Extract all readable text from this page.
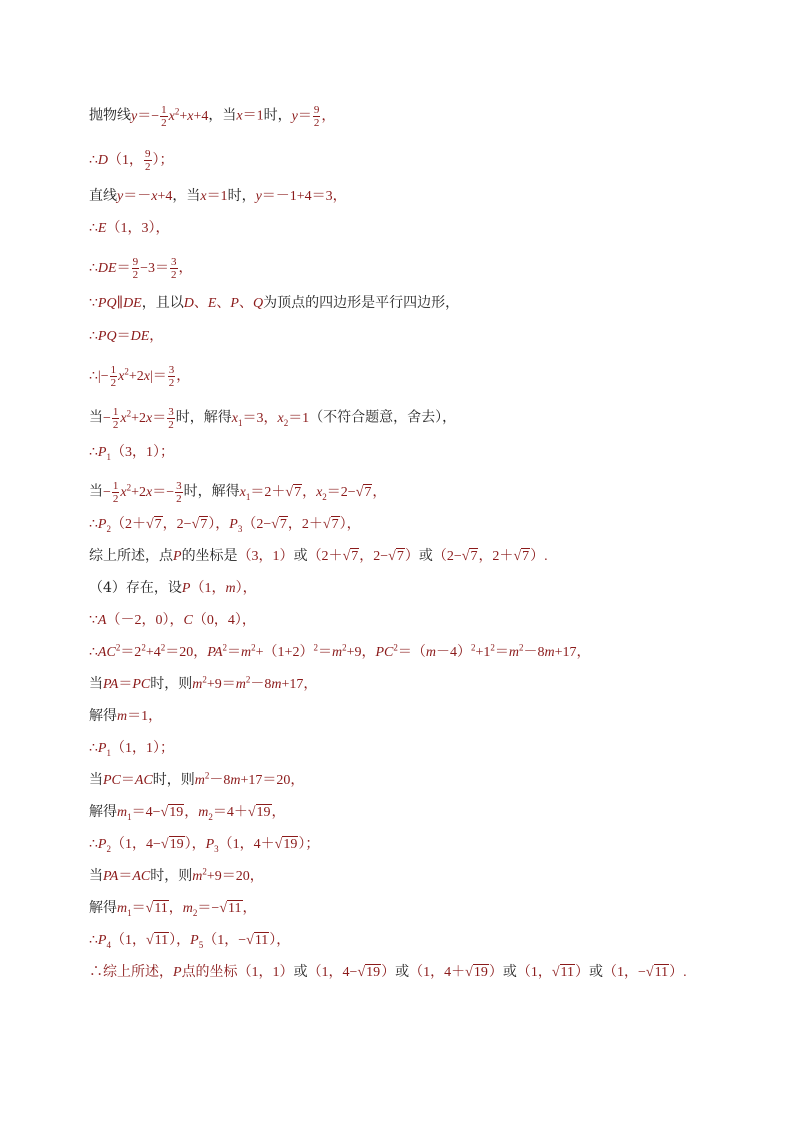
抛物线$y=- \frac{1}{2} x^2+x+4$，当x＝1时，$y= \frac{9}{2}$ ，
∴D（1， $\frac{9}{2}$ ）；
直线y＝－x+4，当x＝1时，y＝－1+4＝3，
∴E（1，3），
∴DE＝ $\frac{9}{2} -3= \frac{3}{2}$ ，
∵PQ∥DE，且以D、E、P、Q为顶点的四边形是平行四边形，
∴PQ＝DE，
∴|− $\frac{1}{2} x^2+2x|= \frac{3}{2}$ ，
当− $\frac{1}{2} x^2+2x= \frac{3}{2}$ 时，解得$x_1=3$，$x_2=1$（不符合题意，舍去），
$\therefore P_1(3$，1）；
当− $\frac{1}{2} x^2+2x=- \frac{3}{2}$ 时，解得$x_1=2+√7$，$x_2=2-√7$，
$\therefore P_2(2+√7$，2−√7），$P_3(2-√7$，2＋√7），
综上所述，点P的坐标是（3，1）或（2＋√7，2−√7）或（2−√7，2＋√7）.
（4）存在，设P（1，m），
∵A（－2，0），C（0，4），
$\therefore AC^2=2^2+4^2=20$，$PA^2=m^2+(1+2)^2=m^2+9$，$PC^2=(m-4)^2+1^2=m^2-8m+17$，
当PA＝PC时，则$m^2+9=m^2-8m+17$，
解得m＝1，
$\therefore P_1(1$，1）；
当PC＝AC时，则$m^2-8m+17=20$，
解得$m_1=4-√19$，$m_2=4+√19$，
$\therefore P_2(1$，4−√19），$P_3(1$，4＋√19）；
当PA＝AC时，则$m^2+9=20$，
解得$m_1=√11$，$m_2=-√11$，
$\therefore P_4(1$，√11），$P_5(1$，−√11），
∴综上所述，P点的坐标（1，1）或（1，4−√19）或（1，4＋√19）或（1，√11）或（1，−√11）.
